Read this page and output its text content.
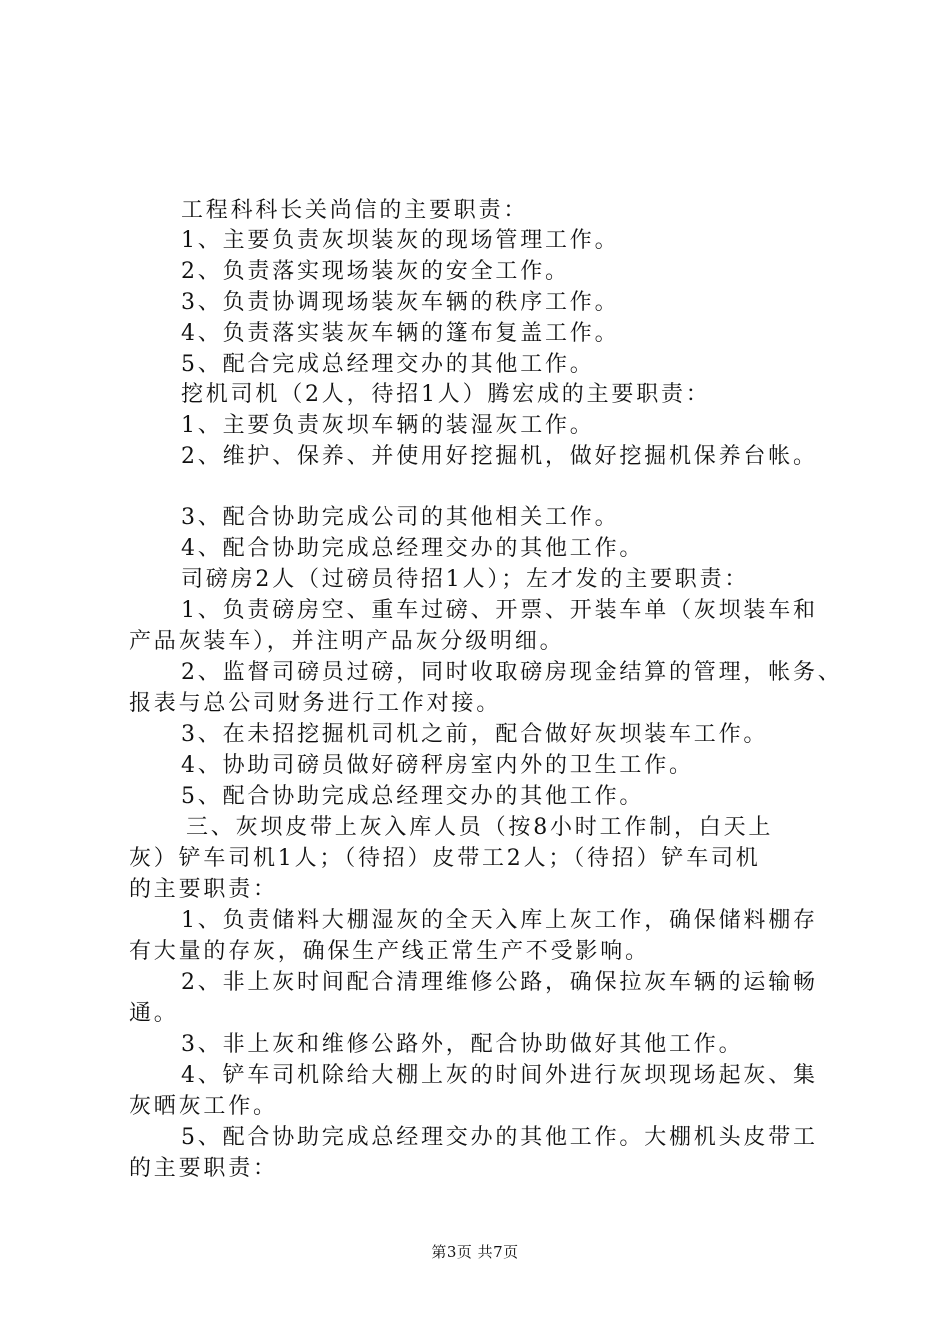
工程科科长关尚信的主要职责：
1、主要负责灰坝装灰的现场管理工作。
2、负责落实现场装灰的安全工作。
3、负责协调现场装灰车辆的秩序工作。
4、负责落实装灰车辆的篷布复盖工作。
5、配合完成总经理交办的其他工作。
挖机司机（2人，待招1人）腾宏成的主要职责：
1、主要负责灰坝车辆的装湿灰工作。
2、维护、保养、并使用好挖掘机，做好挖掘机保养台帐。
3、配合协助完成公司的其他相关工作。
4、配合协助完成总经理交办的其他工作。
司磅房2人（过磅员待招1人）；左才发的主要职责：
1、负责磅房空、重车过磅、开票、开装车单（灰坝装车和
产品灰装车），并注明产品灰分级明细。
2、监督司磅员过磅，同时收取磅房现金结算的管理，帐务、
报表与总公司财务进行工作对接。
3、在未招挖掘机司机之前，配合做好灰坝装车工作。
4、协助司磅员做好磅秤房室内外的卫生工作。
5、配合协助完成总经理交办的其他工作。
三、灰坝皮带上灰入库人员（按8小时工作制，白天上
灰）铲车司机1人；（待招）皮带工2人；（待招）铲车司机
的主要职责：
1、负责储料大棚湿灰的全天入库上灰工作，确保储料棚存
有大量的存灰，确保生产线正常生产不受影响。
2、非上灰时间配合清理维修公路，确保拉灰车辆的运输畅
通。
3、非上灰和维修公路外，配合协助做好其他工作。
4、铲车司机除给大棚上灰的时间外进行灰坝现场起灰、集
灰晒灰工作。
5、配合协助完成总经理交办的其他工作。大棚机头皮带工
的主要职责：
第3页 共7页
